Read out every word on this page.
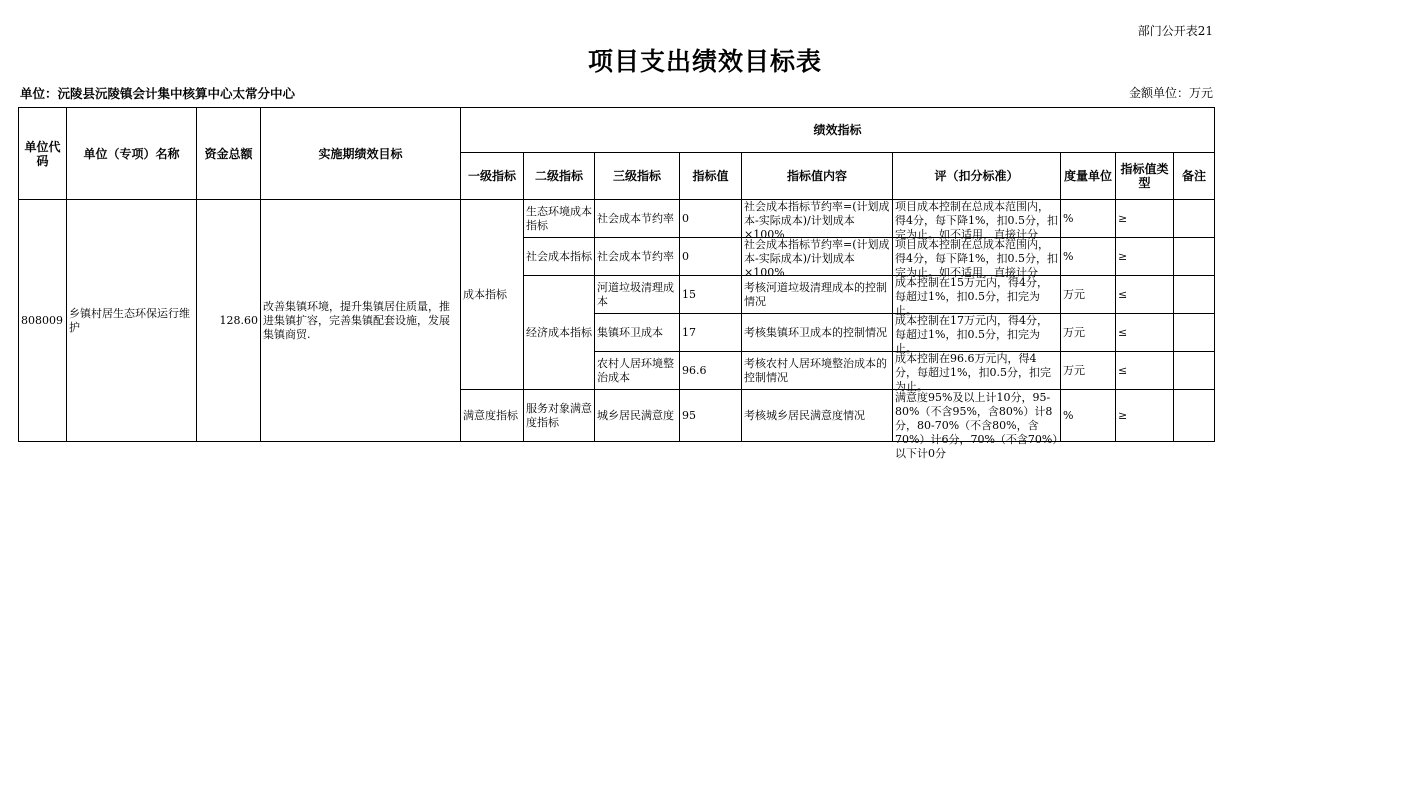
部门公开表21
项目支出绩效目标表
单位：沅陵县沅陵镇会计集中核算中心太常分中心	金额单位：万元
单位代码	单位（专项）名称	资金总额	实施期绩效目标	绩效指标								
				一级指标	二级指标	三级指标	指标值	指标值内容	评（扣分标准）	度量单位	指标值类型	备注
808009	乡镇村居生态环保运行维护	128.60	改善集镇环境，提升集镇居住质量，推进集镇扩容，完善集镇配套设施，发展集镇商贸.	成本指标	生态环境成本指标	社会成本节约率	0	社会成本指标节约率=(计划成本-实际成本)/计划成本×100%	项目成本控制在总成本范围内，得4分，每下降1%，扣0.5分，扣完为止。如不适用，直接计分	%	≥	
					社会成本指标	社会成本节约率	0	社会成本指标节约率=(计划成本-实际成本)/计划成本×100%	项目成本控制在总成本范围内，得4分，每下降1%，扣0.5分，扣完为止。如不适用，直接计分	%	≥	
					经济成本指标	河道垃圾清理成本	15	考核河道垃圾清理成本的控制情况	成本控制在15万元内，得4分，每超过1%，扣0.5分，扣完为止。	万元	≤	
						集镇环卫成本	17	考核集镇环卫成本的控制情况	成本控制在17万元内，得4分，每超过1%，扣0.5分，扣完为止。	万元	≤	
						农村人居环境整治成本	96.6	考核农村人居环境整治成本的控制情况	成本控制在96.6万元内，得4分，每超过1%，扣0.5分，扣完为止。	万元	≤	
				满意度指标	服务对象满意度指标	城乡居民满意度	95	考核城乡居民满意度情况	满意度95%及以上计10分，95-80%（不含95%，含80%）计8分，80-70%（不含80%，含70%）计6分，70%（不含70%）以下计0分	%	≥	
